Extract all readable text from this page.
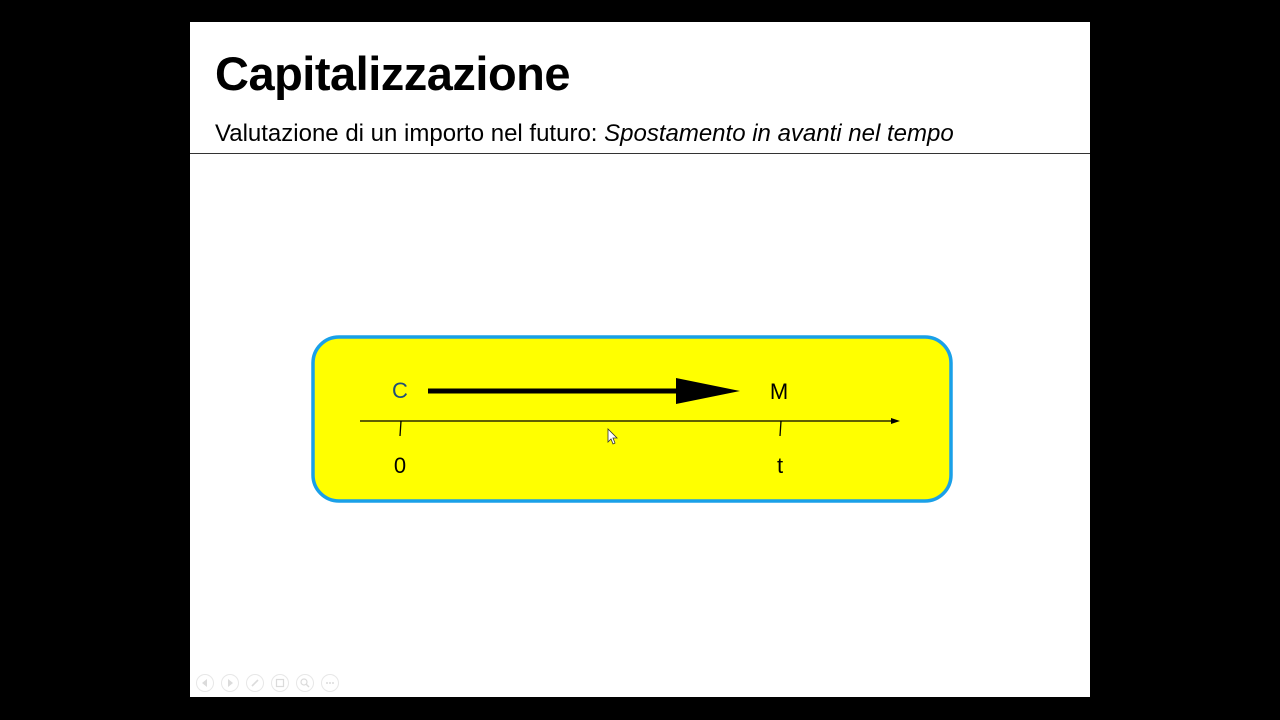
Capitalizzazione

Valutazione di un importo nel futuro: Spostamento in avanti nel tempo

C	M
0	t
